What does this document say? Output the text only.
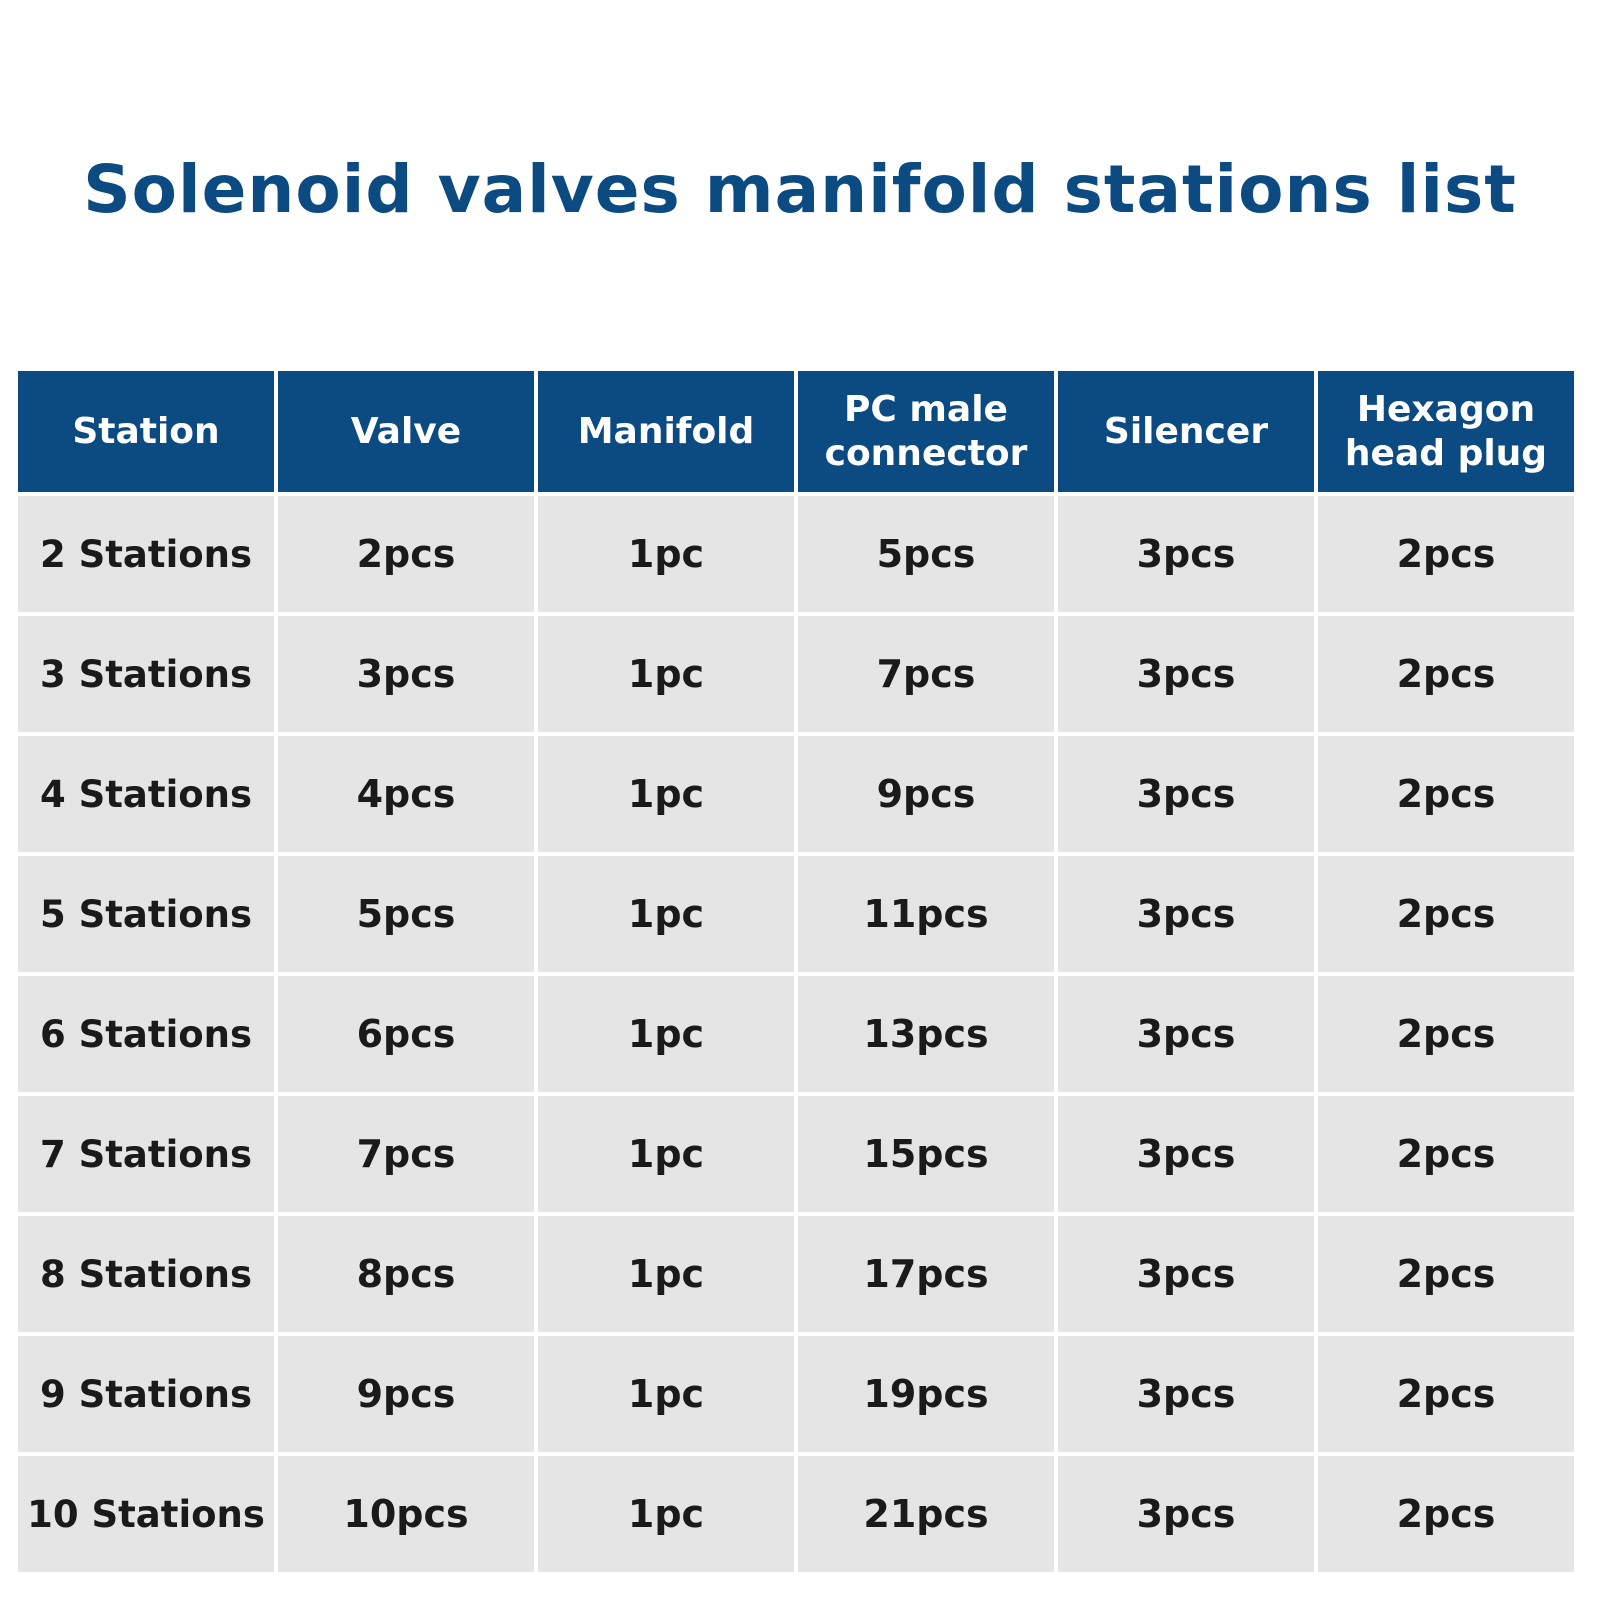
Solenoid valves manifold stations list
Station	Valve	Manifold	PC male connector	Silencer	Hexagon head plug
2 Stations	2pcs	1pc	5pcs	3pcs	2pcs
3 Stations	3pcs	1pc	7pcs	3pcs	2pcs
4 Stations	4pcs	1pc	9pcs	3pcs	2pcs
5 Stations	5pcs	1pc	11pcs	3pcs	2pcs
6 Stations	6pcs	1pc	13pcs	3pcs	2pcs
7 Stations	7pcs	1pc	15pcs	3pcs	2pcs
8 Stations	8pcs	1pc	17pcs	3pcs	2pcs
9 Stations	9pcs	1pc	19pcs	3pcs	2pcs
10 Stations	10pcs	1pc	21pcs	3pcs	2pcs
